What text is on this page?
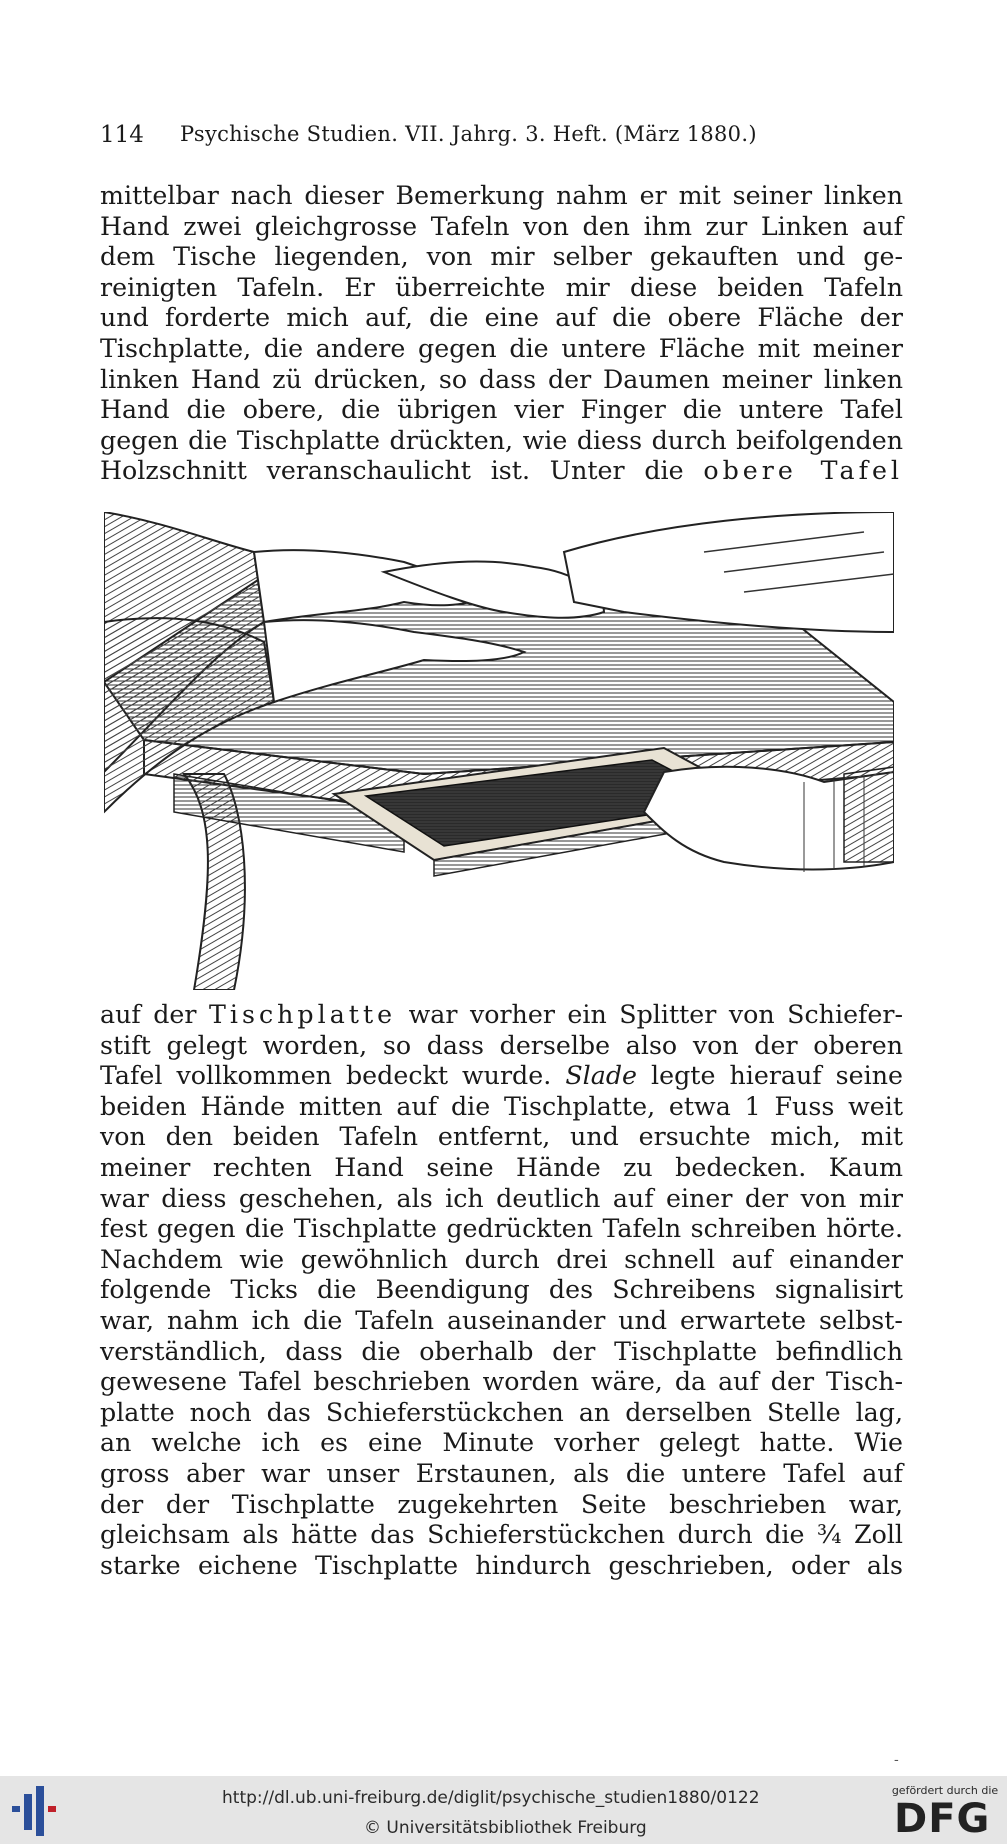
114 Psychische Studien. VII. Jahrg. 3. Heft. (März 1880.)
mittelbar nach dieser Bemerkung nahm er mit seiner linken
Hand zwei gleichgrosse Tafeln von den ihm zur Linken auf
dem Tische liegenden, von mir selber gekauften und ge-
reinigten Tafeln. Er überreichte mir diese beiden Tafeln
und forderte mich auf, die eine auf die obere Fläche der
Tischplatte, die andere gegen die untere Fläche mit meiner
linken Hand zü drücken, so dass der Daumen meiner linken
Hand die obere, die übrigen vier Finger die untere Tafel
gegen die Tischplatte drückten, wie diess durch beifolgenden
Holzschnitt veranschaulicht ist. Unter die obere Tafel
auf der Tischplatte war vorher ein Splitter von Schiefer-
stift gelegt worden, so dass derselbe also von der oberen
Tafel vollkommen bedeckt wurde. Slade legte hierauf seine
beiden Hände mitten auf die Tischplatte, etwa 1 Fuss weit
von den beiden Tafeln entfernt, und ersuchte mich, mit
meiner rechten Hand seine Hände zu bedecken. Kaum
war diess geschehen, als ich deutlich auf einer der von mir
fest gegen die Tischplatte gedrückten Tafeln schreiben hörte.
Nachdem wie gewöhnlich durch drei schnell auf einander
folgende Ticks die Beendigung des Schreibens signalisirt
war, nahm ich die Tafeln auseinander und erwartete selbst-
verständlich, dass die oberhalb der Tischplatte befindlich
gewesene Tafel beschrieben worden wäre, da auf der Tisch-
platte noch das Schieferstückchen an derselben Stelle lag,
an welche ich es eine Minute vorher gelegt hatte. Wie
gross aber war unser Erstaunen, als die untere Tafel auf
der der Tischplatte zugekehrten Seite beschrieben war,
gleichsam als hätte das Schieferstückchen durch die ¾ Zoll
starke eichene Tischplatte hindurch geschrieben, oder als
-
http://dl.ub.uni-freiburg.de/diglit/psychische_studien1880/0122
© Universitätsbibliothek Freiburg
gefördert durch die
DFG
